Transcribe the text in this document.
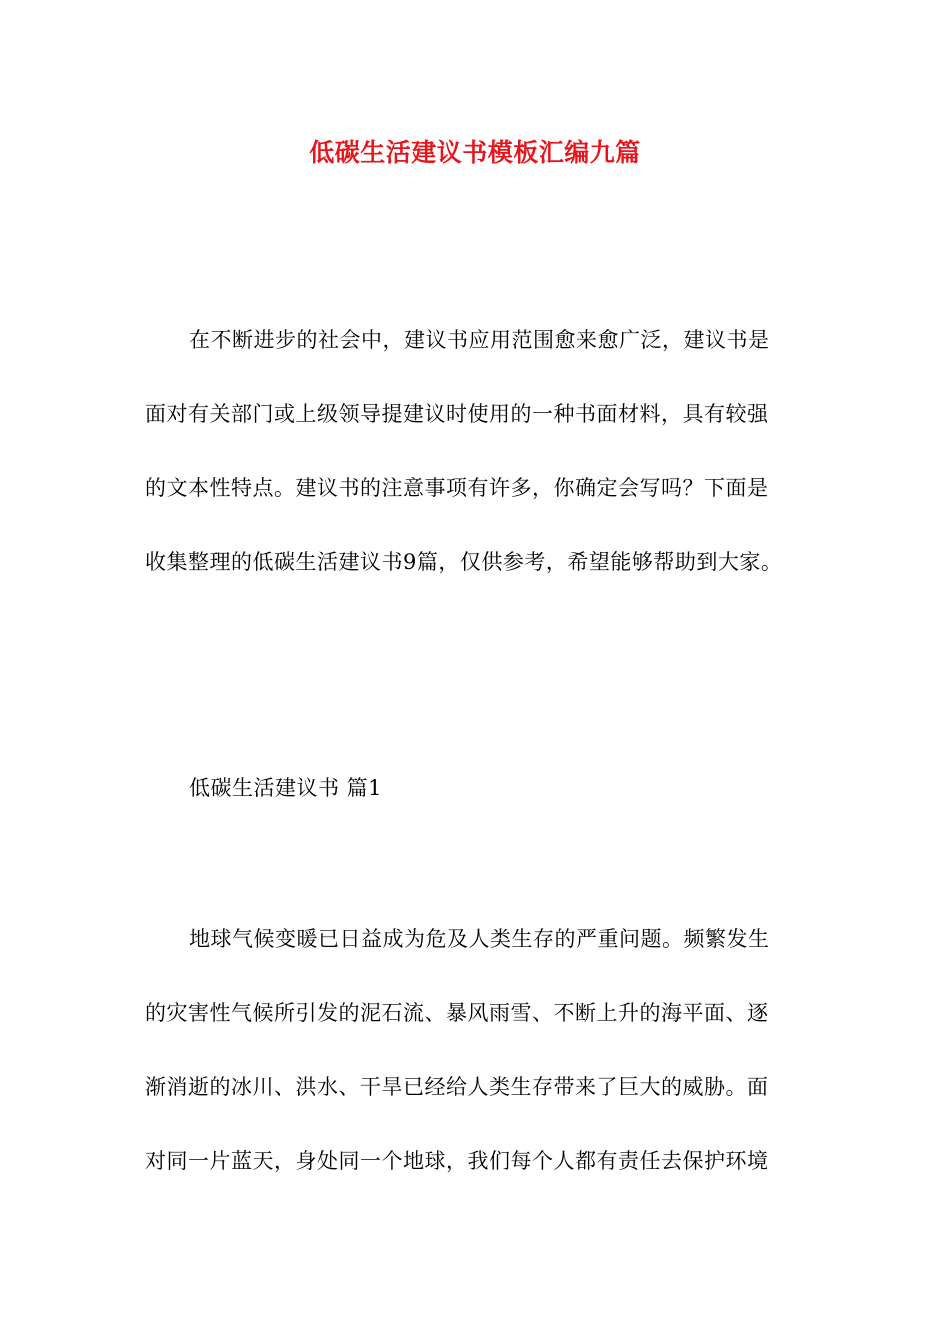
低碳生活建议书模板汇编九篇
在不断进步的社会中，建议书应用范围愈来愈广泛，建议书是
面对有关部门或上级领导提建议时使用的一种书面材料，具有较强
的文本性特点。建议书的注意事项有许多，你确定会写吗？下面是
收集整理的低碳生活建议书9篇，仅供参考，希望能够帮助到大家。
低碳生活建议书 篇1
地球气候变暖已日益成为危及人类生存的严重问题。频繁发生
的灾害性气候所引发的泥石流、暴风雨雪、不断上升的海平面、逐
渐消逝的冰川、洪水、干旱已经给人类生存带来了巨大的威胁。面
对同一片蓝天，身处同一个地球，我们每个人都有责任去保护环境
